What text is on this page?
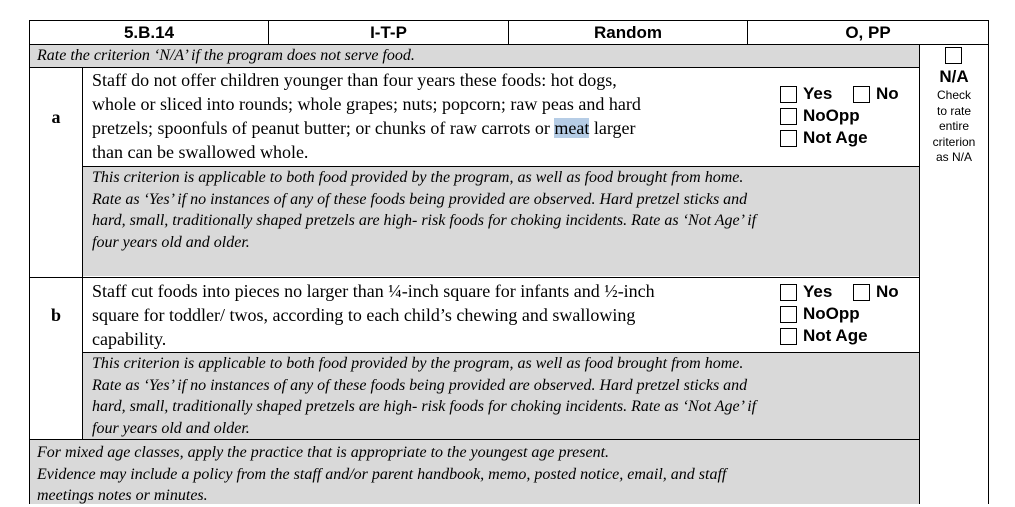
5.B.14	I-T-P	Random	O, PP
Rate the criterion ‘N/A’ if the program does not serve food.
N/A
Check
to rate
entire
criterion
as N/A
a
Staff do not offer children younger than four years these foods: hot dogs,
whole or sliced into rounds; whole grapes; nuts; popcorn; raw peas and hard
pretzels; spoonfuls of peanut butter; or chunks of raw carrots or meat larger
than can be swallowed whole.
Yes	No
NoOpp
Not Age
This criterion is applicable to both food provided by the program, as well as food brought from home.
Rate as ‘Yes’ if no instances of any of these foods being provided are observed. Hard pretzel sticks and
hard, small, traditionally shaped pretzels are high- risk foods for choking incidents. Rate as ‘Not Age’ if
four years old and older.
b
Staff cut foods into pieces no larger than ¼-inch square for infants and ½-inch
square for toddler/ twos, according to each child’s chewing and swallowing
capability.
Yes	No
NoOpp
Not Age
This criterion is applicable to both food provided by the program, as well as food brought from home.
Rate as ‘Yes’ if no instances of any of these foods being provided are observed. Hard pretzel sticks and
hard, small, traditionally shaped pretzels are high- risk foods for choking incidents. Rate as ‘Not Age’ if
four years old and older.
For mixed age classes, apply the practice that is appropriate to the youngest age present.
Evidence may include a policy from the staff and/or parent handbook, memo, posted notice, email, and staff
meetings notes or minutes.
